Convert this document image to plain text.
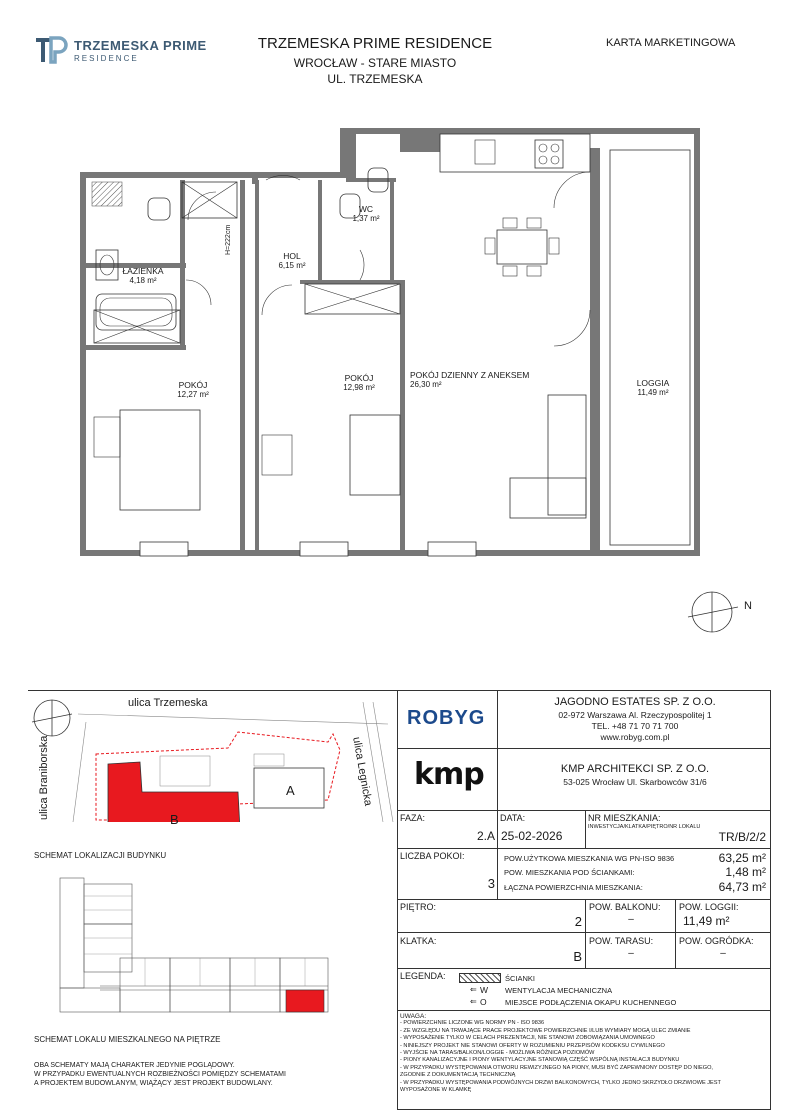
TRZEMESKA PRIME
RESIDENCE
TRZEMESKA PRIME RESIDENCE
WROCŁAW - STARE MIASTO
UL. TRZEMESKA
KARTA MARKETINGOWA
ŁAZIENKA
4,18 m²
WC
1,37 m²
HOL
6,15 m²
POKÓJ
12,27 m²
POKÓJ
12,98 m²
POKÓJ DZIENNY Z ANEKSEM
26,30 m²	LOGGIA
11,49 m²
H=222cm
N
ulica Trzemeska
ulica Braniborska	ulica Legnicka
A
B
SCHEMAT LOKALIZACJI BUDYNKU
SCHEMAT LOKALU MIESZKALNEGO NA PIĘTRZE
OBA SCHEMATY MAJĄ CHARAKTER JEDYNIE POGLĄDOWY.
W PRZYPADKU EWENTUALNYCH ROZBIEŻNOŚCI POMIĘDZY SCHEMATAMI
A PROJEKTEM BUDOWLANYM, WIĄŻĄCY JEST PROJEKT BUDOWLANY.
ROBYG
JAGODNO ESTATES SP. Z O.O.
02-972 Warszawa Al. Rzeczypospolitej 1
TEL. +48 71 70 71 700
www.robyg.com.pl
kmp	KMP ARCHITEKCI SP. Z O.O.
53-025 Wrocław Ul. Skarbowców 31/6
FAZA:
2.A
DATA:
25-02-2026
NR MIESZKANIA:
INWESTYCJA/KLATKA/PIĘTRO/NR LOKALU
TR/B/2/2
LICZBA POKOI:
3
POW.UŻYTKOWA MIESZKANIA WG PN-ISO 9836	63,25 m²
POW. MIESZKANIA POD ŚCIANKAMI:	1,48 m²
ŁĄCZNA POWIERZCHNIA MIESZKANIA:	64,73 m²
PIĘTRO:
2
POW. BALKONU:
–
POW. LOGGII:
11,49 m²
KLATKA:
B
POW. TARASU:
–
POW. OGRÓDKA:
–
LEGENDA:	ŚCIANKI
⇐ W WENTYLACJA MECHANICZNA
⇐ O MIEJSCE PODŁĄCZENIA OKAPU KUCHENNEGO
UWAGA:
- POWIERZCHNIE LICZONE WG NORMY PN - ISO 9836
- ZE WZGLĘDU NA TRWAJĄCE PRACE PROJEKTOWE POWIERZCHNIE I/LUB WYMIARY MOGĄ ULEC ZMIANIE
- WYPOSAŻENIE TYLKO W CELACH PREZENTACJI, NIE STANOWI ZOBOWIĄZANIA UMOWNEGO
- NINIEJSZY PROJEKT NIE STANOWI OFERTY W ROZUMIENIU PRZEPISÓW KODEKSU CYWILNEGO
- WYJŚCIE NA TARAS/BALKON/LOGGIE - MOŻLIWA RÓŻNICA POZIOMÓW
- PIONY KANALIZACYJNE I PIONY WENTYLACYJNE STANOWIĄ CZĘŚĆ WSPÓLNĄ INSTALACJI BUDYNKU
- W PRZYPADKU WYSTĘPOWANIA OTWORU REWIZYJNEGO NA PIONY, MUSI BYĆ ZAPEWNIONY DOSTĘP DO NIEGO,
ZGODNIE Z DOKUMENTACJĄ TECHNICZNĄ
- W PRZYPADKU WYSTĘPOWANIA PODWÓJNYCH DRZWI BALKONOWYCH, TYLKO JEDNO SKRZYDŁO DRZWIOWE JEST
WYPOSAŻONE W KLAMKĘ
